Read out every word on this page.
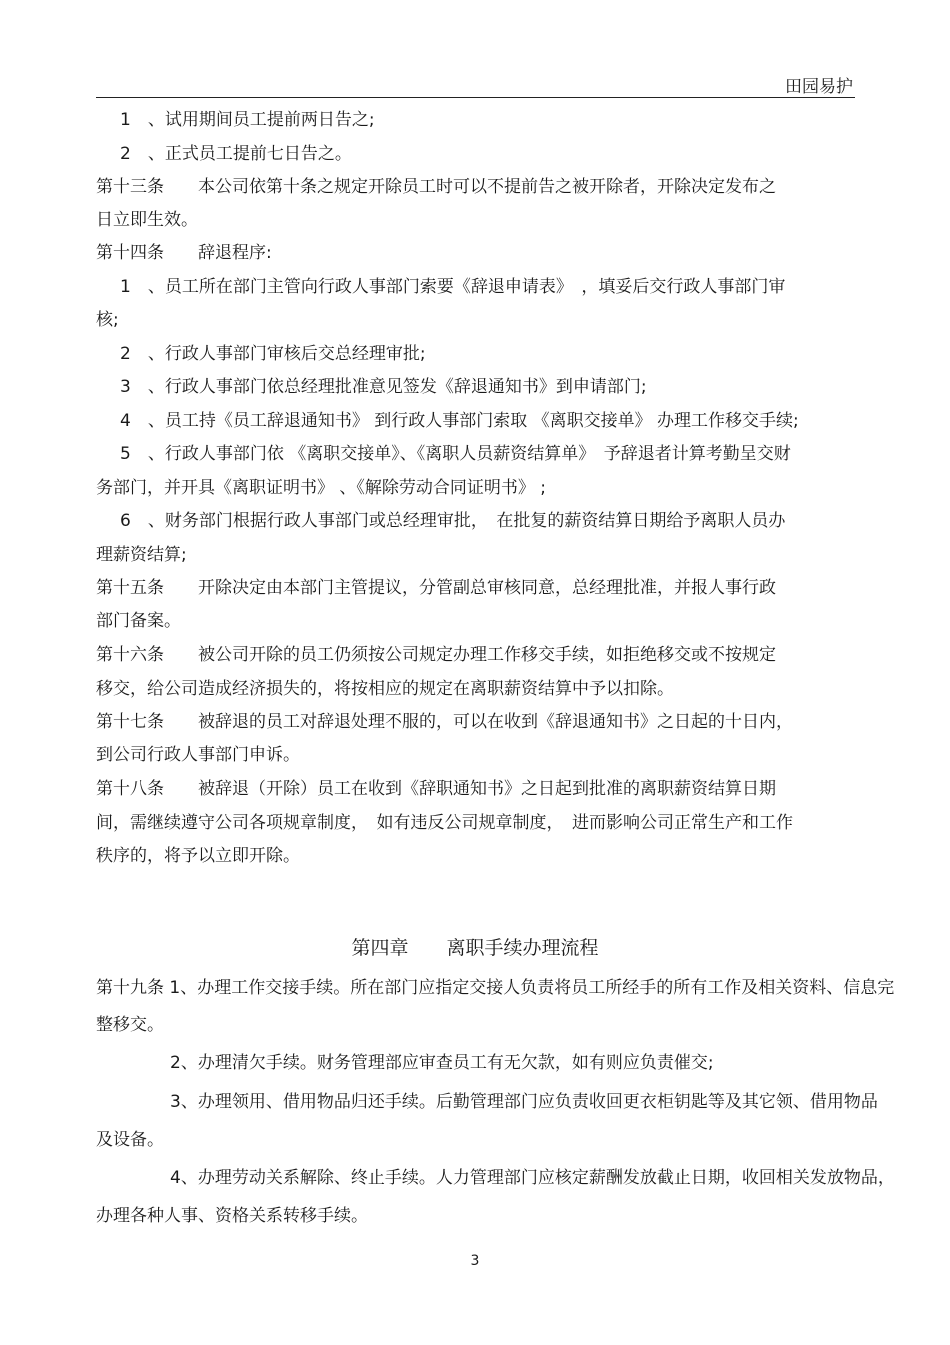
田园易护
1　、试用期间员工提前两日告之;
2　、正式员工提前七日告之。
第十三条　　本公司依第十条之规定开除员工时可以不提前告之被开除者，开除决定发布之
日立即生效。
第十四条　　辞退程序:
1　、员工所在部门主管向行政人事部门索要《辞退申请表》　，填妥后交行政人事部门审
核;
2　、行政人事部门审核后交总经理审批;
3　、行政人事部门依总经理批准意见签发《辞退通知书》到申请部门;
4　、员工持《员工辞退通知书》 到行政人事部门索取 《离职交接单》 办理工作移交手续;
5　、行政人事部门依 《离职交接单》、《离职人员薪资结算单》　予辞退者计算考勤呈交财
务部门，并开具《离职证明书》 、《解除劳动合同证明书》 ;
6　、财务部门根据行政人事部门或总经理审批，　在批复的薪资结算日期给予离职人员办
理薪资结算;
第十五条　　开除决定由本部门主管提议，分管副总审核同意，总经理批准，并报人事行政
部门备案。
第十六条　　被公司开除的员工仍须按公司规定办理工作移交手续，如拒绝移交或不按规定
移交，给公司造成经济损失的，将按相应的规定在离职薪资结算中予以扣除。
第十七条　　被辞退的员工对辞退处理不服的，可以在收到《辞退通知书》之日起的十日内，
到公司行政人事部门申诉。
第十八条　　被辞退（开除）员工在收到《辞职通知书》之日起到批准的离职薪资结算日期
间，需继续遵守公司各项规章制度，　如有违反公司规章制度，　进而影响公司正常生产和工作
秩序的，将予以立即开除。
第四章　　离职手续办理流程
第十九条 1、办理工作交接手续。所在部门应指定交接人负责将员工所经手的所有工作及相关资料、信息完
整移交。
2、办理清欠手续。财务管理部应审查员工有无欠款，如有则应负责催交;
3、办理领用、借用物品归还手续。后勤管理部门应负责收回更衣柜钥匙等及其它领、借用物品
及设备。
4、办理劳动关系解除、终止手续。人力管理部门应核定薪酬发放截止日期，收回相关发放物品，
办理各种人事、资格关系转移手续。
3
